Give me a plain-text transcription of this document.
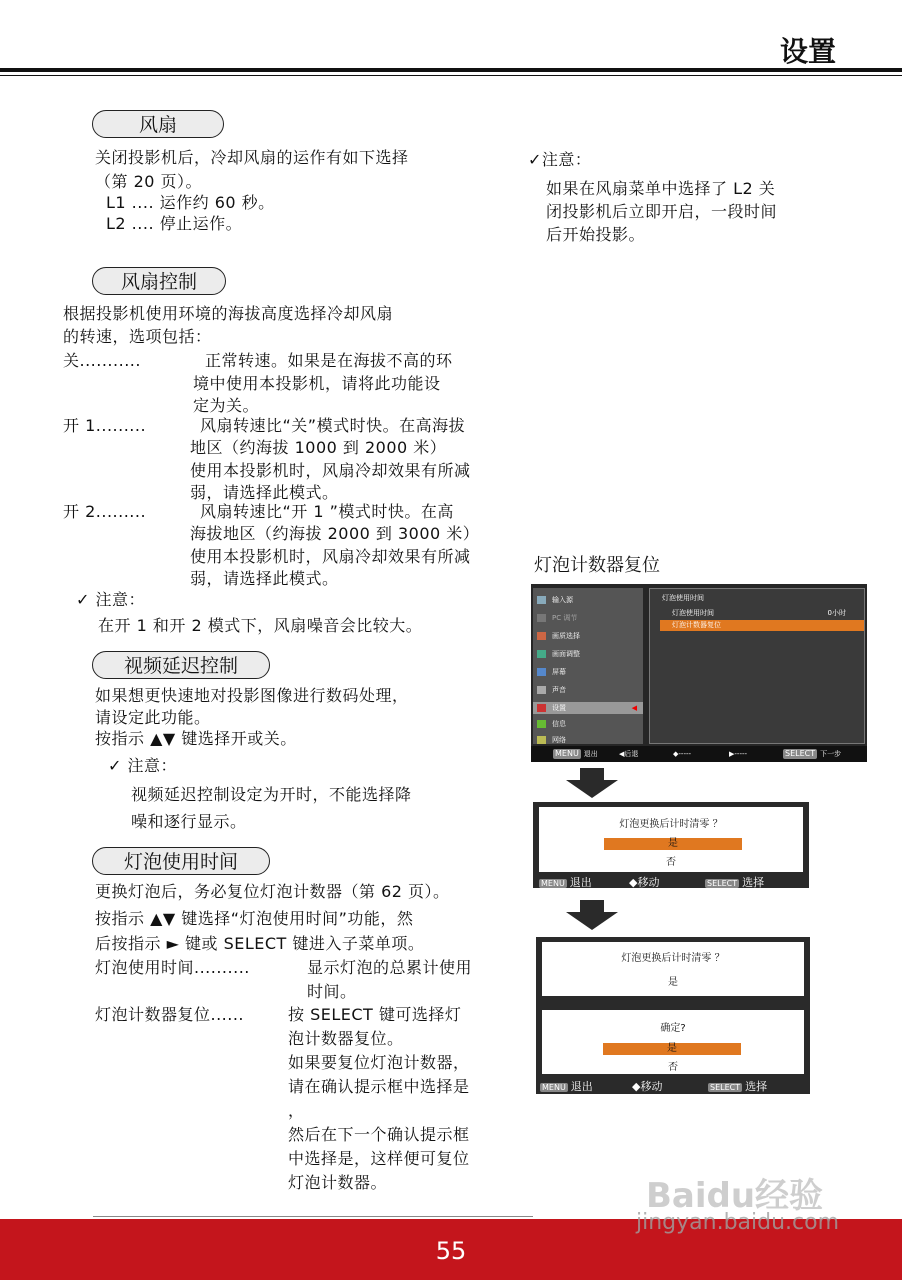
设置
风扇
关闭投影机后，冷却风扇的运作有如下选择
（第 20 页）。
L1 .... 运作约 60 秒。
L2 .... 停止运作。
✓注意：
如果在风扇菜单中选择了 L2 关
闭投影机后立即开启，一段时间
后开始投影。
风扇控制
根据投影机使用环境的海拔高度选择冷却风扇
的转速，选项包括：
关...........	正常转速。如果是在海拔不高的环
境中使用本投影机，请将此功能设
定为关。
开 1.........	风扇转速比“关”模式时快。在高海拔
地区（约海拔 1000 到 2000 米）
使用本投影机时，风扇冷却效果有所减
弱，请选择此模式。
开 2.........	风扇转速比“开 1 ”模式时快。在高
海拔地区（约海拔 2000 到 3000 米）
使用本投影机时，风扇冷却效果有所减
弱，请选择此模式。
✓ 注意：
在开 1 和开 2 模式下，风扇噪音会比较大。
视频延迟控制
如果想更快速地对投影图像进行数码处理，
请设定此功能。
按指示 ▲▼ 键选择开或关。
✓ 注意：
视频延迟控制设定为开时，不能选择降
噪和逐行显示。
灯泡使用时间
更换灯泡后，务必复位灯泡计数器（第 62 页）。
按指示 ▲▼ 键选择“灯泡使用时间”功能，然
后按指示 ► 键或 SELECT 键进入子菜单项。
灯泡使用时间..........	显示灯泡的总累计使用
时间。
灯泡计数器复位......	按 SELECT 键可选择灯
泡计数器复位。
如果要复位灯泡计数器，
请在确认提示框中选择是
，
然后在下一个确认提示框
中选择是，这样便可复位
灯泡计数器。
灯泡计数器复位
输入源
PC 调节
画质选择
画面调整
屏幕
声音
设置	◀
信息
网络
灯泡使用时间
灯泡使用时间	0小时
灯泡计数器复位
MENU 退出	◀后退	◆-----	▶-----	SELECT 下一步
灯泡更换后计时清零 ？
是
否
MENU 退出	◆移动	SELECT 选择
灯泡更换后计时清零 ？
是
确定?
是
否
MENU 退出	◆移动	SELECT 选择
Baidu经验
jingyan.baidu.com
55
